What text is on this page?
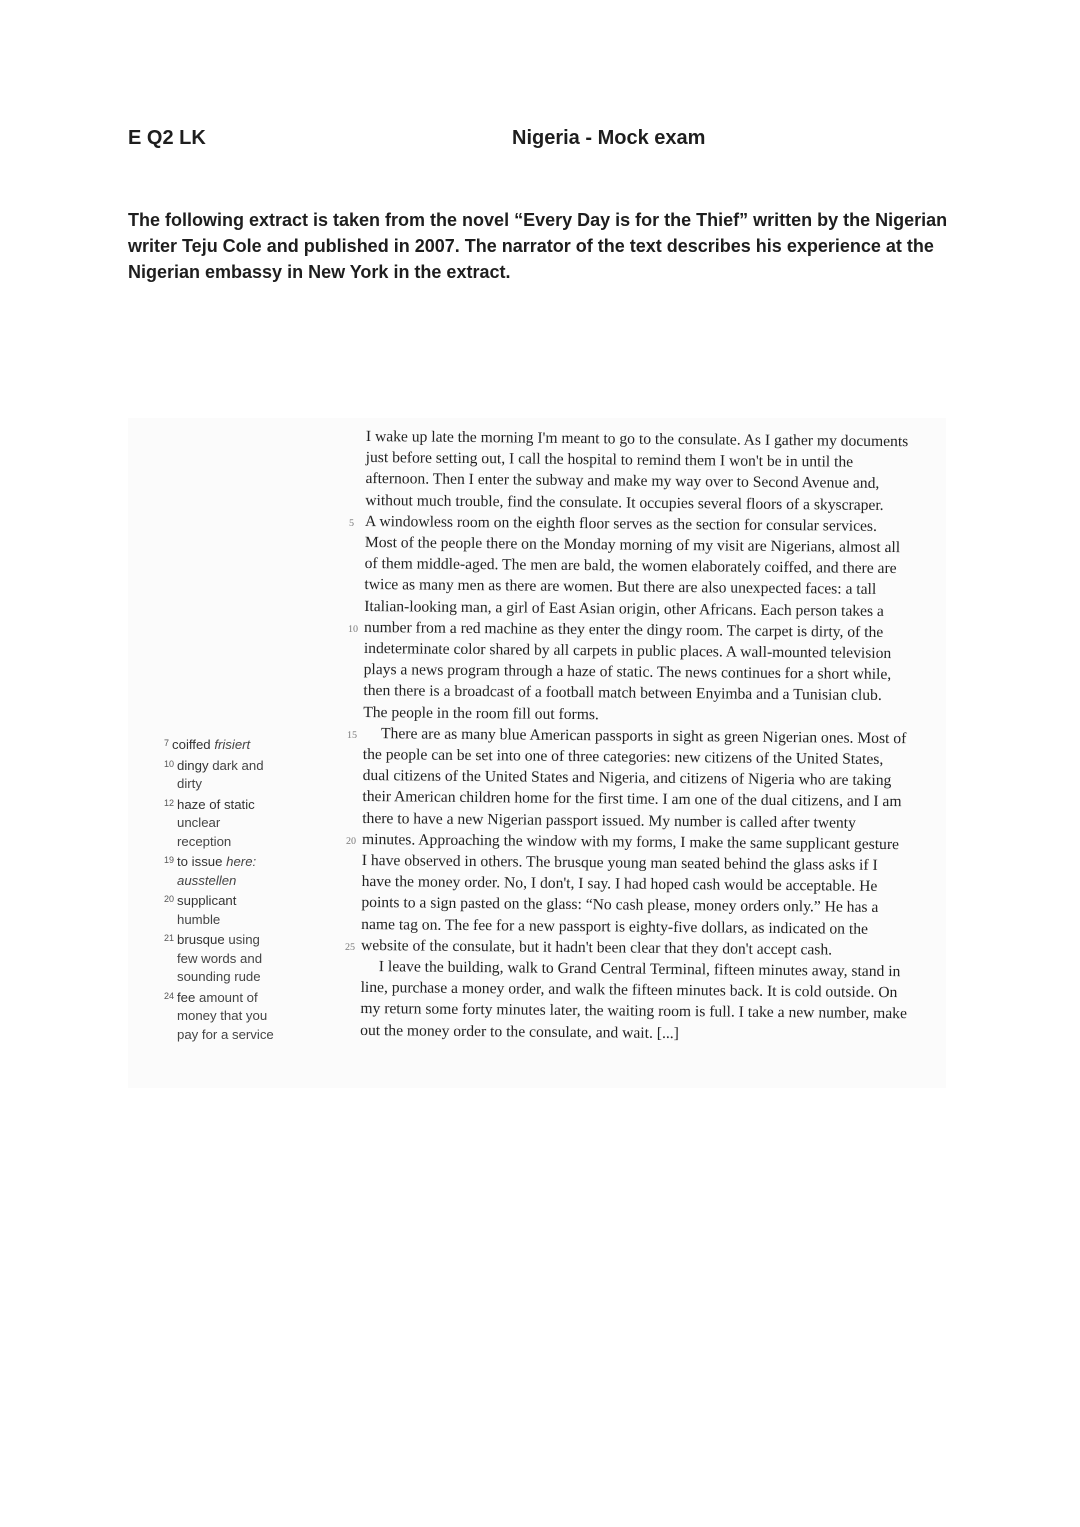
E Q2 LK	Nigeria - Mock exam

The following extract is taken from the novel “Every Day is for the Thief” written by the Nigerian writer Teju Cole and published in 2007. The narrator of the text describes his experience at the Nigerian embassy in New York in the extract.

$^7$ coiffed frisiert
$^{10}$ dingy dark and
dirty
$^{12}$ haze of static
unclear
reception
$^{19}$ to issue here:
ausstellen
$^{20}$ supplicant
humble
$^{21}$ brusque using
few words and
sounding rude
$^{24}$ fee amount of
money that you
pay for a service
I wake up late the morning I'm meant to go to the consulate. As I gather my documents
just before setting out, I call the hospital to remind them I won't be in until the
afternoon. Then I enter the subway and make my way over to Second Avenue and,
without much trouble, find the consulate. It occupies several floors of a skyscraper.
5 A windowless room on the eighth floor serves as the section for consular services.
Most of the people there on the Monday morning of my visit are Nigerians, almost all
of them middle-aged. The men are bald, the women elaborately coiffed, and there are
twice as many men as there are women. But there are also unexpected faces: a tall
Italian-looking man, a girl of East Asian origin, other Africans. Each person takes a
10 number from a red machine as they enter the dingy room. The carpet is dirty, of the
indeterminate color shared by all carpets in public places. A wall-mounted television
plays a news program through a haze of static. The news continues for a short while,
then there is a broadcast of a football match between Enyimba and a Tunisian club.
The people in the room fill out forms.
15 There are as many blue American passports in sight as green Nigerian ones. Most of
the people can be set into one of three categories: new citizens of the United States,
dual citizens of the United States and Nigeria, and citizens of Nigeria who are taking
their American children home for the first time. I am one of the dual citizens, and I am
there to have a new Nigerian passport issued. My number is called after twenty
20 minutes. Approaching the window with my forms, I make the same supplicant gesture
I have observed in others. The brusque young man seated behind the glass asks if I
have the money order. No, I don't, I say. I had hoped cash would be acceptable. He
points to a sign pasted on the glass: “No cash please, money orders only.” He has a
name tag on. The fee for a new passport is eighty-five dollars, as indicated on the
25 website of the consulate, but it hadn't been clear that they don't accept cash.
I leave the building, walk to Grand Central Terminal, fifteen minutes away, stand in
line, purchase a money order, and walk the fifteen minutes back. It is cold outside. On
my return some forty minutes later, the waiting room is full. I take a new number, make
out the money order to the consulate, and wait. [...]
